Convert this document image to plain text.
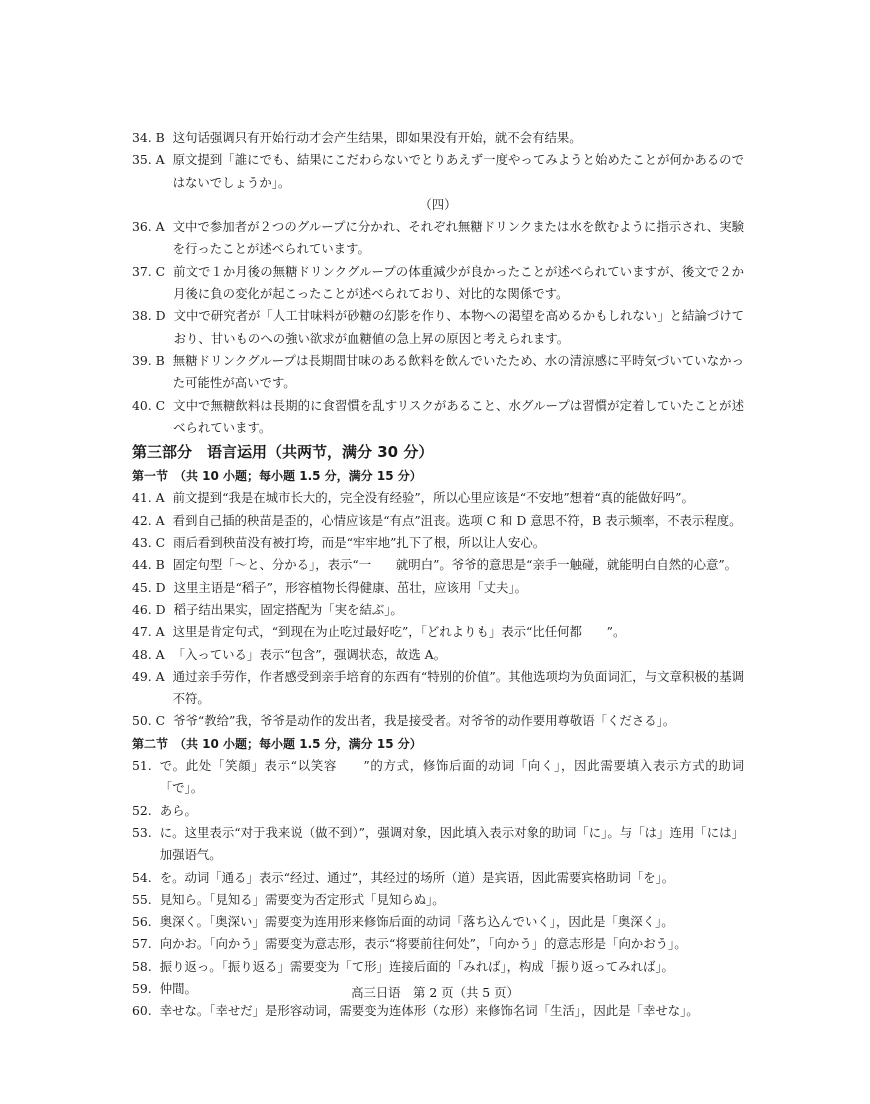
34. B 这句话强调只有开始行动才会产生结果，即如果没有开始，就不会有结果。
35. A 原文提到「誰にでも、結果にこだわらないでとりあえず一度やってみようと始めたことが何かあるのではないでしょうか」。
（四）
36. A 文中で参加者が２つのグループに分かれ、それぞれ無糖ドリンクまたは水を飲むように指示され、実験を行ったことが述べられています。
37. C 前文で１か月後の無糖ドリンクグループの体重減少が良かったことが述べられていますが、後文で２か月後に負の変化が起こったことが述べられており、対比的な関係です。
38. D 文中で研究者が「人工甘味料が砂糖の幻影を作り、本物への渇望を高めるかもしれない」と結論づけており、甘いものへの強い欲求が血糖値の急上昇の原因と考えられます。
39. B 無糖ドリンクグループは長期間甘味のある飲料を飲んでいたため、水の清涼感に平時気づいていなかった可能性が高いです。
40. C 文中で無糖飲料は長期的に食習慣を乱すリスクがあること、水グループは習慣が定着していたことが述べられています。
第三部分　语言运用（共两节，满分 30 分）
第一节　（共 10 小题；每小题 1.5 分，满分 15 分）
41. A 前文提到“我是在城市长大的，完全没有经验”，所以心里应该是“不安地”想着“真的能做好吗”。
42. A 看到自己插的秧苗是歪的，心情应该是“有点”沮丧。选项 C 和 D 意思不符，B 表示频率，不表示程度。
43. C 雨后看到秧苗没有被打垮，而是“牢牢地”扎下了根，所以让人安心。
44. B 固定句型「～と、分かる」，表示“一　　就明白”。爷爷的意思是“亲手一触碰，就能明白自然的心意”。
45. D 这里主语是“稻子”，形容植物长得健康、茁壮，应该用「丈夫」。
46. D 稻子结出果实，固定搭配为「実を結ぶ」。
47. A 这里是肯定句式，“到现在为止吃过最好吃”，「どれよりも」表示“比任何都　　”。
48. A 「入っている」表示“包含”，强调状态，故选 A。
49. A 通过亲手劳作，作者感受到亲手培育的东西有“特别的价值”。其他选项均为负面词汇，与文章积极的基调不符。
50. C 爷爷“教给”我，爷爷是动作的发出者，我是接受者。对爷爷的动作要用尊敬语「くださる」。
第二节　（共 10 小题；每小题 1.5 分，满分 15 分）
51. で。此处「笑顔」表示“以笑容　　”的方式，修饰后面的动词「向く」，因此需要填入表示方式的助词「で」。
52. あら。
53. に。这里表示“对于我来说（做不到）”，强调对象，因此填入表示对象的助词「に」。与「は」连用「には」加强语气。
54. を。动词「通る」表示“经过、通过”，其经过的场所（道）是宾语，因此需要宾格助词「を」。
55. 見知ら。「見知る」需要变为否定形式「見知らぬ」。
56. 奥深く。「奥深い」需要变为连用形来修饰后面的动词「落ち込んでいく」，因此是「奥深く」。
57. 向かお。「向かう」需要变为意志形，表示“将要前往何处”，「向かう」的意志形是「向かおう」。
58. 振り返っ。「振り返る」需要变为「て形」连接后面的「みれば」，构成「振り返ってみれば」。
59. 仲間。
60. 幸せな。「幸せだ」是形容动词，需要变为连体形（な形）来修饰名词「生活」，因此是「幸せな」。
高三日语　第 2 页（共 5 页）
